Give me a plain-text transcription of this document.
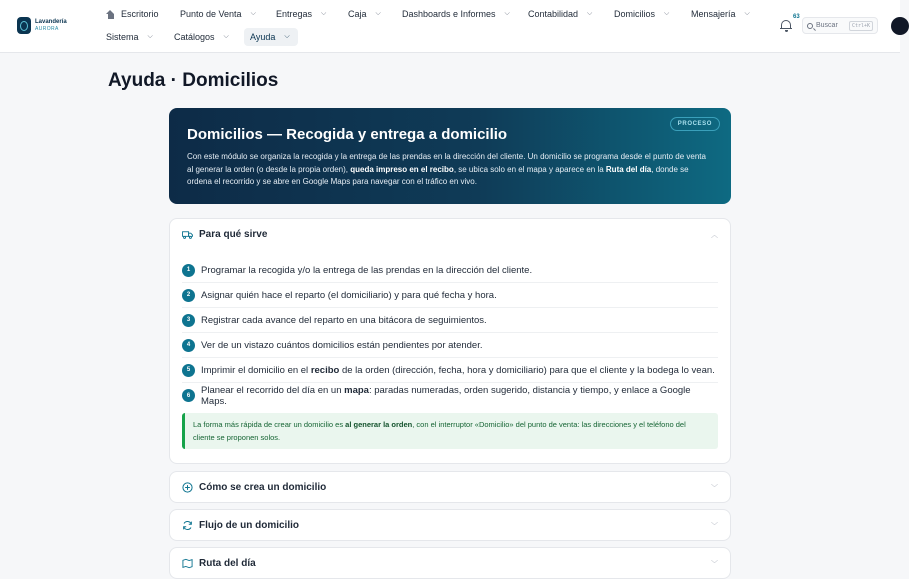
Lavandería
AURORA
Escritorio Punto de Venta ⌵ Entregas ⌵ Caja ⌵ Dashboards e Informes ⌵ Contabilidad ⌵ Domicilios ⌵ Mensajería ⌵
Sistema ⌵ Catálogos ⌵ Ayuda ⌵
63
Buscar	Ctrl+K
Ayuda · Domicilios
Domicilios — Recogida y entrega a domicilio
PROCESO
Con este módulo se organiza la recogida y la entrega de las prendas en la dirección del cliente. Un domicilio se programa desde el punto de venta al generar la orden (o desde la propia orden), queda impreso en el recibo, se ubica solo en el mapa y aparece en la Ruta del día, donde se ordena el recorrido y se abre en Google Maps para navegar con el tráfico en vivo.
Para qué sirve	︿
1	Programar la recogida y/o la entrega de las prendas en la dirección del cliente.
2	Asignar quién hace el reparto (el domiciliario) y para qué fecha y hora.
3	Registrar cada avance del reparto en una bitácora de seguimientos.
4	Ver de un vistazo cuántos domicilios están pendientes por atender.
5	Imprimir el domicilio en el recibo de la orden (dirección, fecha, hora y domiciliario) para que el cliente y la bodega lo vean.
6	Planear el recorrido del día en un mapa: paradas numeradas, orden sugerido, distancia y tiempo, y enlace a Google Maps.
La forma más rápida de crear un domicilio es al generar la orden, con el interruptor «Domicilio» del punto de venta: las direcciones y el teléfono del cliente se proponen solos.
Cómo se crea un domicilio	﹀
Flujo de un domicilio	﹀
Ruta del día	﹀
